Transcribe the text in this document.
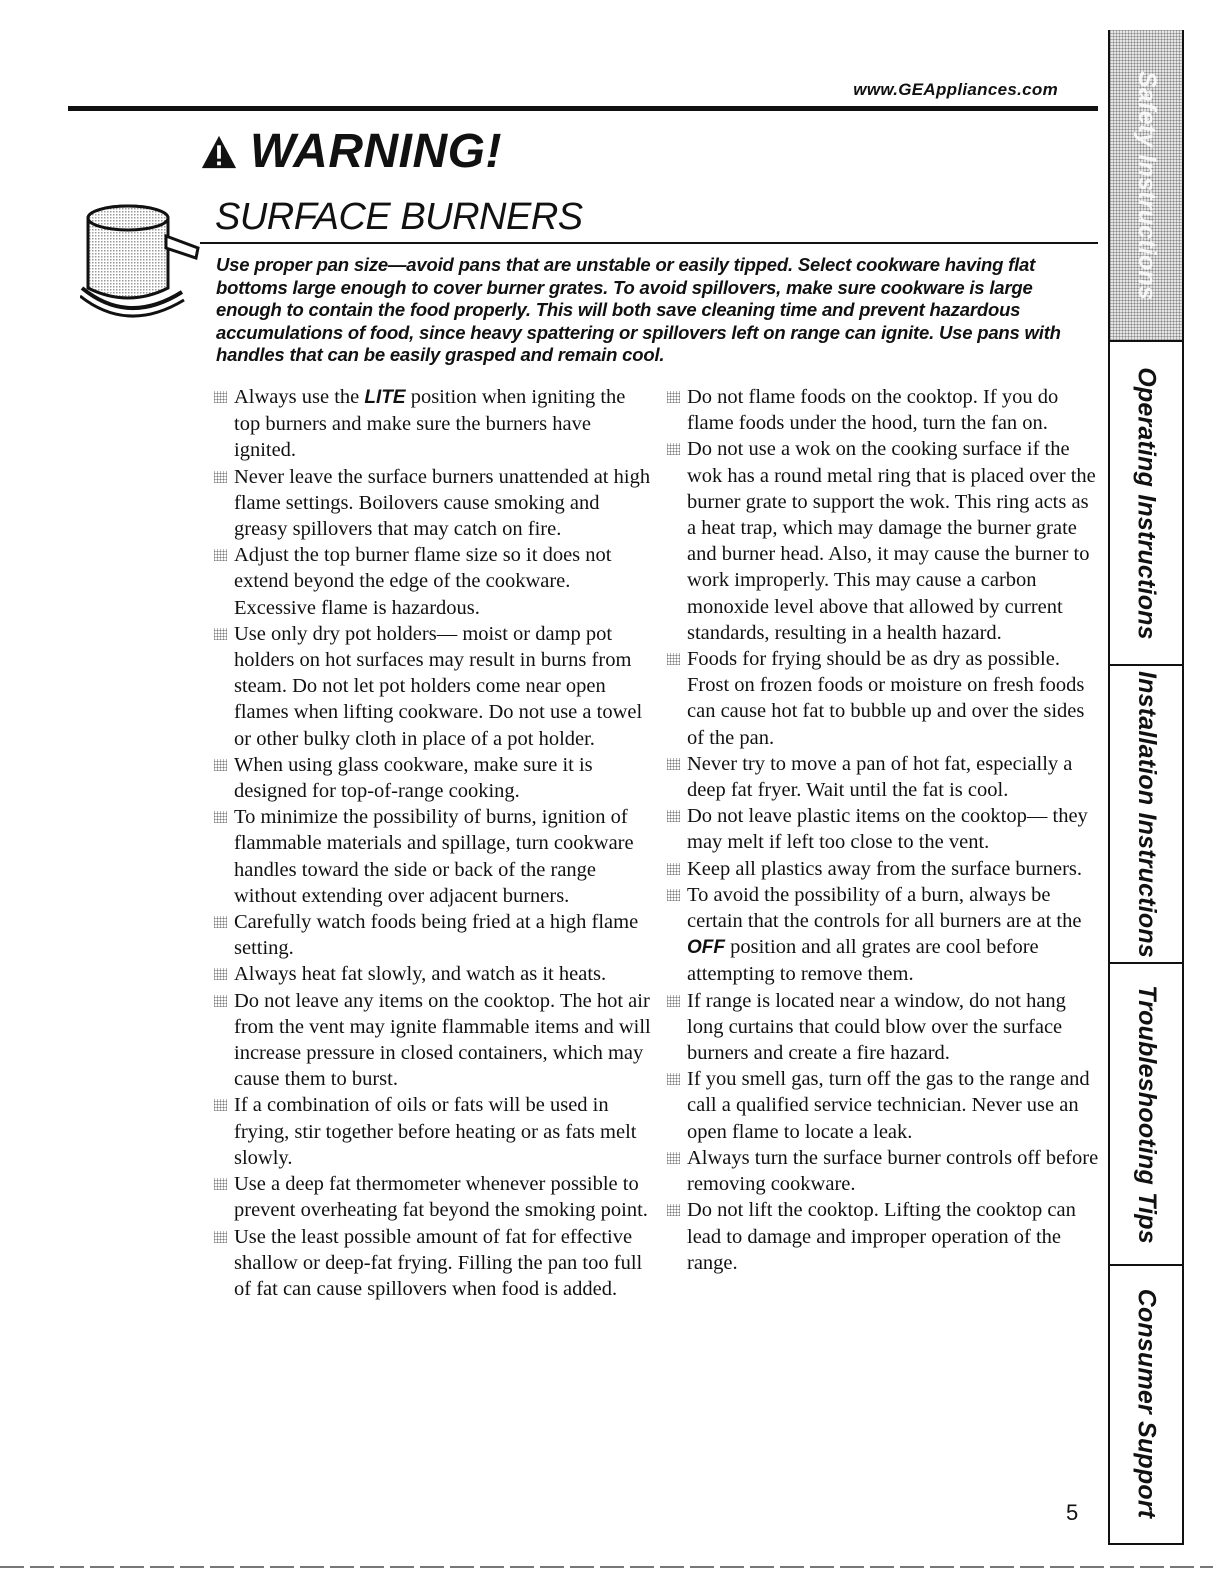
www.GEAppliances.com
WARNING!
SURFACE BURNERS
Use proper pan size—avoid pans that are unstable or easily tipped. Select cookware having flat bottoms large enough to cover burner grates. To avoid spillovers, make sure cookware is large enough to contain the food properly. This will both save cleaning time and prevent hazardous accumulations of food, since heavy spattering or spillovers left on range can ignite. Use pans with handles that can be easily grasped and remain cool.
Always use the LITE position when igniting the top burners and make sure the burners have ignited.
Never leave the surface burners unattended at high flame settings. Boilovers cause smoking and greasy spillovers that may catch on fire.
Adjust the top burner flame size so it does not extend beyond the edge of the cookware. Excessive flame is hazardous.
Use only dry pot holders— moist or damp pot holders on hot surfaces may result in burns from steam. Do not let pot holders come near open flames when lifting cookware. Do not use a towel or other bulky cloth in place of a pot holder.
When using glass cookware, make sure it is designed for top-of-range cooking.
To minimize the possibility of burns, ignition of flammable materials and spillage, turn cookware handles toward the side or back of the range without extending over adjacent burners.
Carefully watch foods being fried at a high flame setting.
Always heat fat slowly, and watch as it heats.
Do not leave any items on the cooktop. The hot air from the vent may ignite flammable items and will increase pressure in closed containers, which may cause them to burst.
If a combination of oils or fats will be used in frying, stir together before heating or as fats melt slowly.
Use a deep fat thermometer whenever possible to prevent overheating fat beyond the smoking point.
Use the least possible amount of fat for effective shallow or deep-fat frying. Filling the pan too full of fat can cause spillovers when food is added.
Do not flame foods on the cooktop. If you do flame foods under the hood, turn the fan on.
Do not use a wok on the cooking surface if the wok has a round metal ring that is placed over the burner grate to support the wok. This ring acts as a heat trap, which may damage the burner grate and burner head. Also, it may cause the burner to work improperly. This may cause a carbon monoxide level above that allowed by current standards, resulting in a health hazard.
Foods for frying should be as dry as possible. Frost on frozen foods or moisture on fresh foods can cause hot fat to bubble up and over the sides of the pan.
Never try to move a pan of hot fat, especially a deep fat fryer. Wait until the fat is cool.
Do not leave plastic items on the cooktop— they may melt if left too close to the vent.
Keep all plastics away from the surface burners.
To avoid the possibility of a burn, always be certain that the controls for all burners are at the OFF position and all grates are cool before attempting to remove them.
If range is located near a window, do not hang long curtains that could blow over the surface burners and create a fire hazard.
If you smell gas, turn off the gas to the range and call a qualified service technician. Never use an open flame to locate a leak.
Always turn the surface burner controls off before removing cookware.
Do not lift the cooktop. Lifting the cooktop can lead to damage and improper operation of the range.
5
Safety Instructions
Operating Instructions
Installation Instructions
Troubleshooting Tips
Consumer Support
